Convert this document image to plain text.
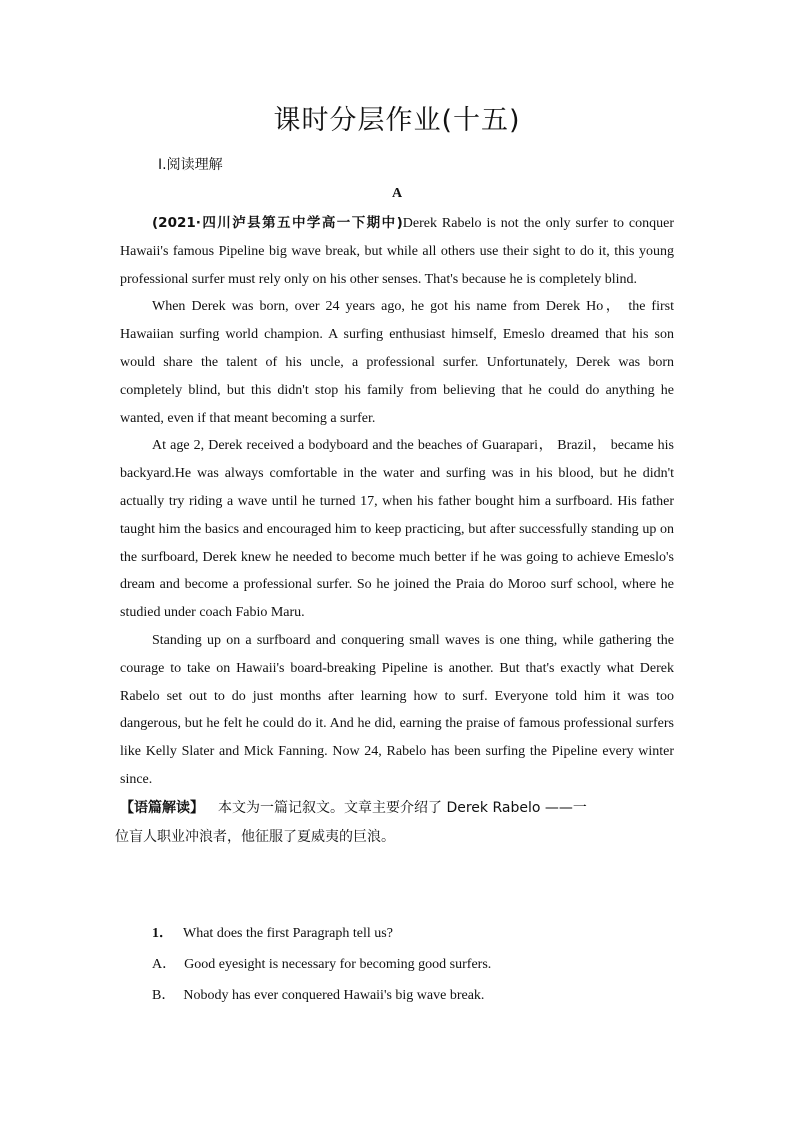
课时分层作业(十五)
Ⅰ.阅读理解
A

(2021·四川泸县第五中学高一下期中)Derek Rabelo is not the only surfer to conquer Hawaii's famous Pipeline big wave break, but while all others use their sight to do it, this young professional surfer must rely only on his other senses. That's because he is completely blind.

When Derek was born, over 24 years ago, he got his name from Derek Ho， the first Hawaiian surfing world champion. A surfing enthusiast himself, Emeslo dreamed that his son would share the talent of his uncle, a professional surfer. Unfortunately, Derek was born completely blind, but this didn't stop his family from believing that he could do anything he wanted, even if that meant becoming a surfer.

At age 2, Derek received a bodyboard and the beaches of Guarapari， Brazil， became his backyard.He was always comfortable in the water and surfing was in his blood, but he didn't actually try riding a wave until he turned 17, when his father bought him a surfboard. His father taught him the basics and encouraged him to keep practicing, but after successfully standing up on the surfboard, Derek knew he needed to become much better if he was going to achieve Emeslo's dream and become a professional surfer. So he joined the Praia do Moroo surf school, where he studied under coach Fabio Maru.

Standing up on a surfboard and conquering small waves is one thing, while gathering the courage to take on Hawaii's board-breaking Pipeline is another. But that's exactly what Derek Rabelo set out to do just months after learning how to surf. Everyone told him it was too dangerous, but he felt he could do it. And he did, earning the praise of famous professional surfers like Kelly Slater and Mick Fanning. Now 24, Rabelo has been surfing the Pipeline every winter since.

【语篇解读】 本文为一篇记叙文。文章主要介绍了 Derek Rabelo ——一
位盲人职业冲浪者，他征服了夏威夷的巨浪。

1． What does the first Paragraph tell us?
A． Good eyesight is necessary for becoming good surfers.
B． Nobody has ever conquered Hawaii's big wave break.
